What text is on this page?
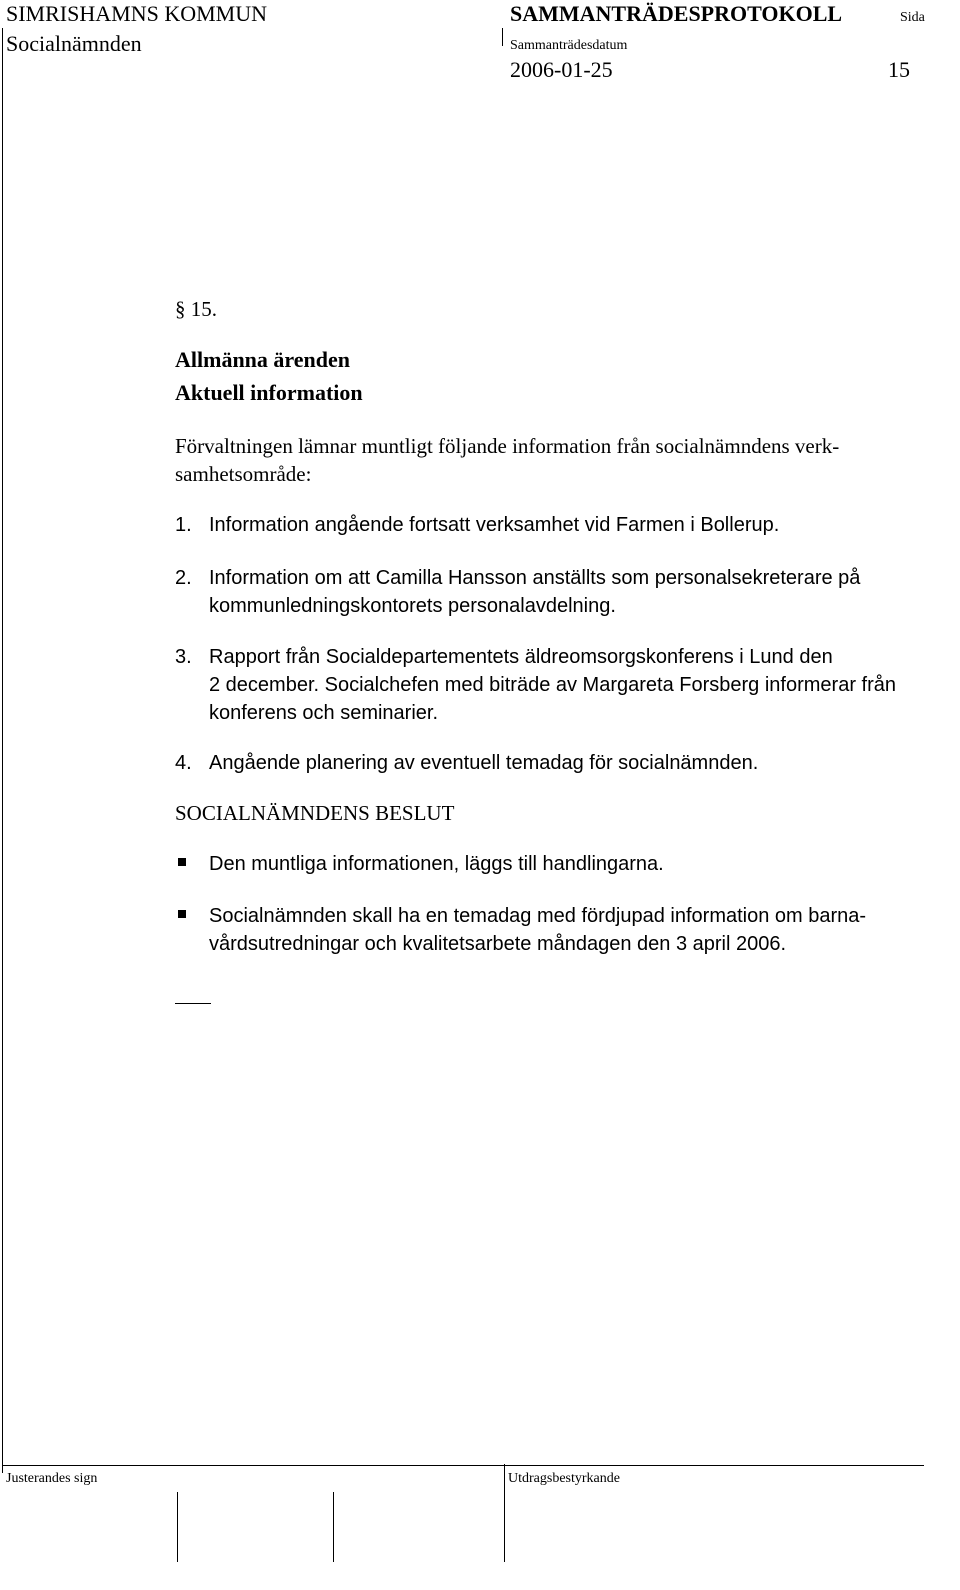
SIMRISHAMNS KOMMUN
Socialnämnden
SAMMANTRÄDESPROTOKOLL
Sammanträdesdatum
2006-01-25
Sida
15
§ 15.
Allmänna ärenden
Aktuell information
Förvaltningen lämnar muntligt följande information från socialnämndens verk-
samhetsområde:
1. Information angående fortsatt verksamhet vid Farmen i Bollerup.
2. Information om att Camilla Hansson anställts som personalsekreterare på
kommunledningskontorets personalavdelning.
3. Rapport från Socialdepartementets äldreomsorgskonferens i Lund den
2 december. Socialchefen med biträde av Margareta Forsberg informerar från
konferens och seminarier.
4. Angående planering av eventuell temadag för socialnämnden.
SOCIALNÄMNDENS BESLUT
Den muntliga informationen, läggs till handlingarna.
Socialnämnden skall ha en temadag med fördjupad information om barna-
vårdsutredningar och kvalitetsarbete måndagen den 3 april 2006.
Justerandes sign	Utdragsbestyrkande
